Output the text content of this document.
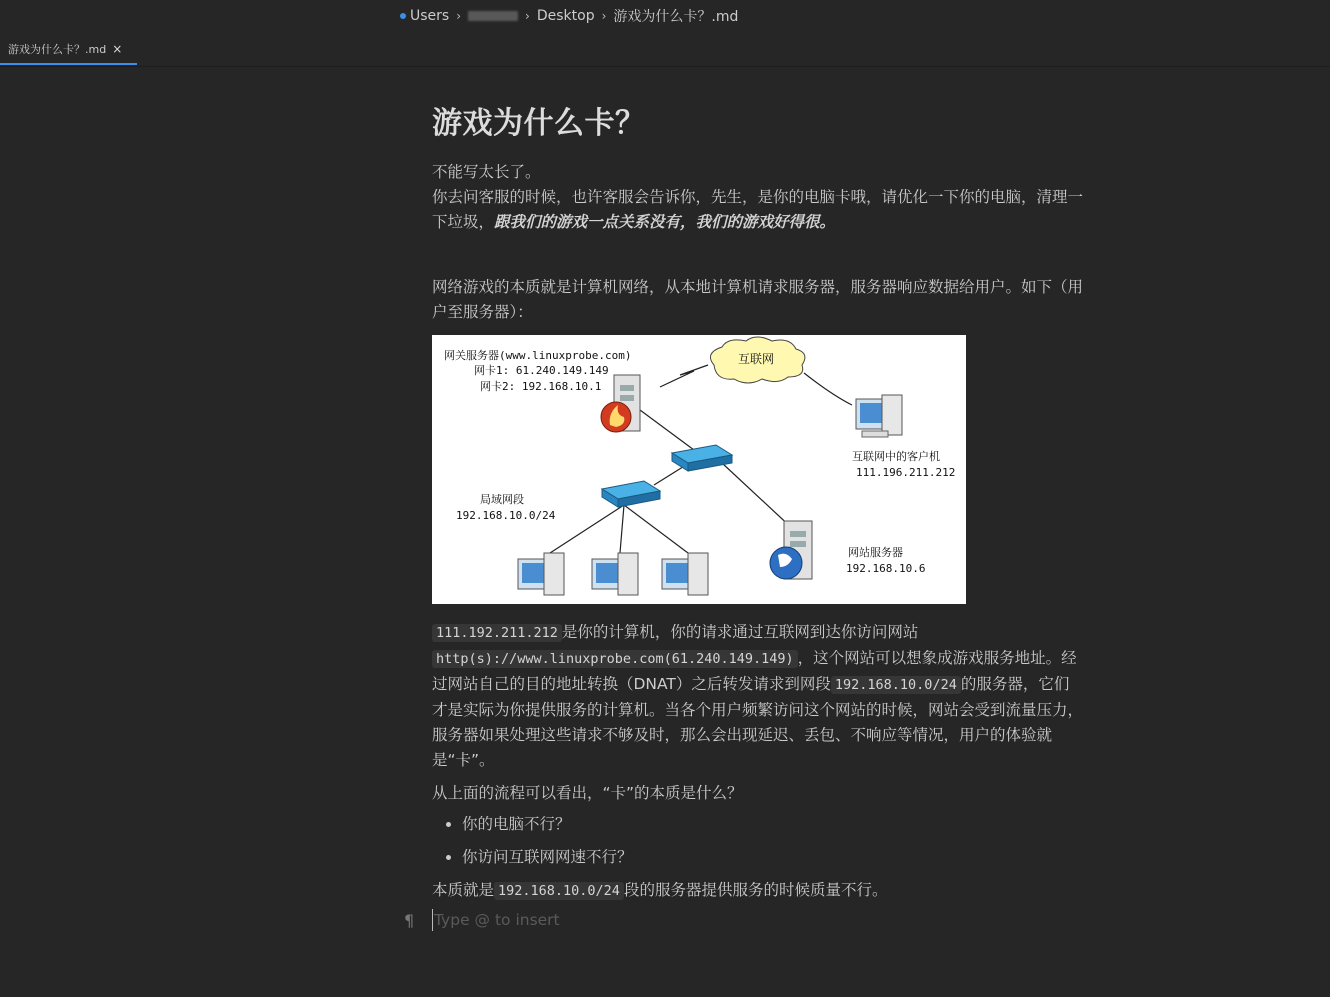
Users ›	› Desktop › 游戏为什么卡？.md
游戏为什么卡？.md ×
游戏为什么卡？

不能写太长了。
你去问客服的时候，也许客服会告诉你，先生，是你的电脑卡哦，请优化一下你的电脑，清理一下垃圾，跟我们的游戏一点关系没有，我们的游戏好得很。

网络游戏的本质就是计算机网络，从本地计算机请求服务器，服务器响应数据给用户。如下（用户至服务器）：

互联网
网关服务器(www.linuxprobe.com)
网卡1: 61.240.149.149
网卡2: 192.168.10.1
互联网中的客户机
111.196.211.212
局域网段
192.168.10.0/24
网站服务器
192.168.10.6

111.192.211.212 是你的计算机，你的请求通过互联网到达你访问网站http(s)://www.linuxprobe.com(61.240.149.149) ，这个网站可以想象成游戏服务地址。经过网站自己的目的地址转换（DNAT）之后转发请求到网段 192.168.10.0/24 的服务器，它们才是实际为你提供服务的计算机。当各个用户频繁访问这个网站的时候，网站会受到流量压力，服务器如果处理这些请求不够及时，那么会出现延迟、丢包、不响应等情况，用户的体验就是“卡”。

从上面的流程可以看出，“卡”的本质是什么？

• 你的电脑不行？
• 你访问互联网网速不行？

本质就是 192.168.10.0/24 段的服务器提供服务的时候质量不行。

¶	Type @ to insert
